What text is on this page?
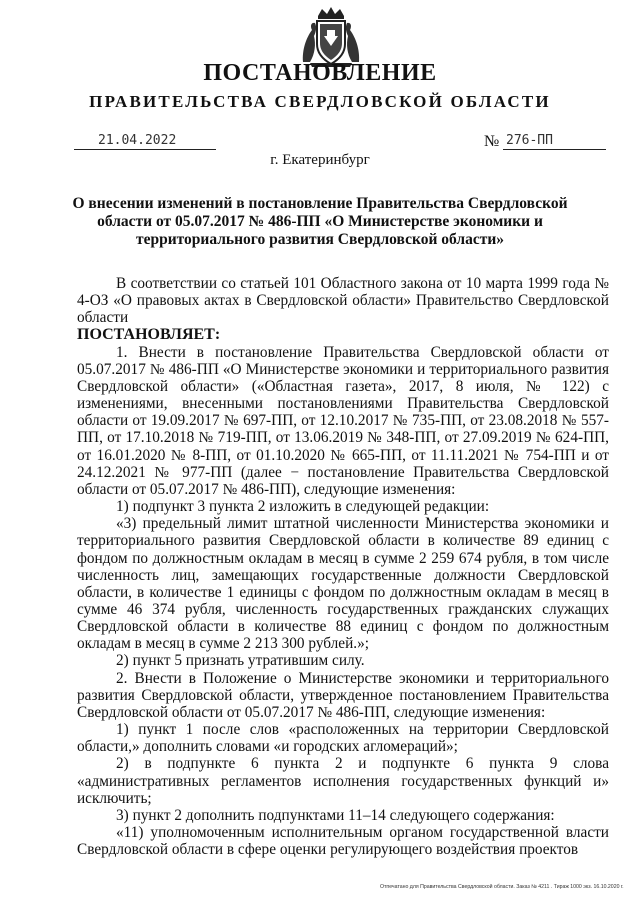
ПОСТАНОВЛЕНИЕ
ПРАВИТЕЛЬСТВА СВЕРДЛОВСКОЙ ОБЛАСТИ
21.04.2022	№ 276-ПП
г. Екатеринбург
О внесении изменений в постановление Правительства Свердловской области от 05.07.2017 № 486-ПП «О Министерстве экономики и территориального развития Свердловской области»

В соответствии со статьей 101 Областного закона от 10 марта 1999 года № 4-ОЗ «О правовых актах в Свердловской области» Правительство Свердловской области

ПОСТАНОВЛЯЕТ:

1. Внести в постановление Правительства Свердловской области от 05.07.2017 № 486-ПП «О Министерстве экономики и территориального развития Свердловской области» («Областная газета», 2017, 8 июля, № 122) с изменениями, внесенными постановлениями Правительства Свердловской области от 19.09.2017 № 697-ПП, от 12.10.2017 № 735-ПП, от 23.08.2018 № 557-ПП, от 17.10.2018 № 719-ПП, от 13.06.2019 № 348-ПП, от 27.09.2019 № 624-ПП, от 16.01.2020 № 8-ПП, от 01.10.2020 № 665-ПП, от 11.11.2021 № 754-ПП и от 24.12.2021 № 977-ПП (далее − постановление Правительства Свердловской области от 05.07.2017 № 486-ПП), следующие изменения:

1) подпункт 3 пункта 2 изложить в следующей редакции:

«3) предельный лимит штатной численности Министерства экономики и территориального развития Свердловской области в количестве 89 единиц с фондом по должностным окладам в месяц в сумме 2 259 674 рубля, в том числе численность лиц, замещающих государственные должности Свердловской области, в количестве 1 единицы с фондом по должностным окладам в месяц в сумме 46 374 рубля, численность государственных гражданских служащих Свердловской области в количестве 88 единиц с фондом по должностным окладам в месяц в сумме 2 213 300 рублей.»;

2) пункт 5 признать утратившим силу.

2. Внести в Положение о Министерстве экономики и территориального развития Свердловской области, утвержденное постановлением Правительства Свердловской области от 05.07.2017 № 486-ПП, следующие изменения:

1) пункт 1 после слов «расположенных на территории Свердловской области,» дополнить словами «и городских агломераций»;

2) в подпункте 6 пункта 2 и подпункте 6 пункта 9 слова «административных регламентов исполнения государственных функций и» исключить;

3) пункт 2 дополнить подпунктами 11–14 следующего содержания:

«11) уполномоченным исполнительным органом государственной власти Свердловской области в сфере оценки регулирующего воздействия проектов

Отпечатано для Правительства Свердловской области. Заказ № 4211 . Тираж 1000 экз. 16.10.2020 г.
